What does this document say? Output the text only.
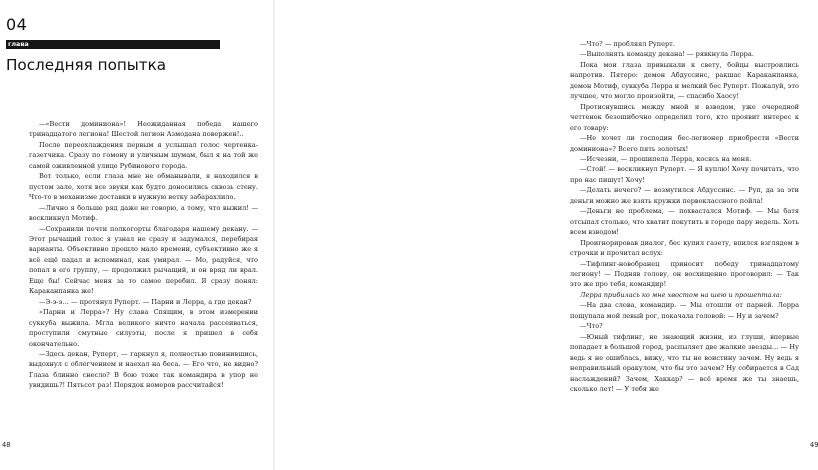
04
глава
Последняя попытка

—«Вести доминиона»! Неожиданная победа нашего тринадцатого легиона! Шестой легион Азмодана повержен!..

После переохлаждения первым я услышал голос чертенка-газетчика. Сразу по гомону и уличным шумам, был я на той же самой оживленной улице Рубинового города.

Вот только, если глаза мне не обманывали, я находился в пустом зале, хотя все звуки как будто доносились сквозь стену. Что-то в механизме доставки в нужную ветку забарахлило.

—Лично я больше ряд даже не говорю, а тому, что выжил! — воскликнул Мотиф.

—Сохранили почти полкогорты благодаря нашему декану. — Этот рычащий голос я узнал не сразу и задумался, перебирая варианты. Объективно прошло мало времени, субъективно же я всё ещё падал и вспоминал, как умирал. — Мо, радуйся, что попал в его группу, — продолжил рычащий, и он вряд ли врал. Еще бы! Сейчас меня за то самое перебил. Я сразу понял: Караканпанка же!

—Э-э-э… — протянул Руперт. — Парни и Лерра, а где декан?

«Парни и Лерра»? Ну слава Спящим, в этом измерении суккуба выжила. Мгла великого ничто начала рассеиваться, проступили смутные силуэты, после я пришел в себя окончательно.

—Здесь декан, Руперт, — гаркнул я, полностью повинившись, выдохнул с облегчением и наехал на беса. — Его что, не видно? Глаза блинно снесло? В бою тоже так командира в упор не увидишь?! Пятьсот раз! Порядок номеров рассчитайся!

48

—Что? — пробляял Руперт.

—Выполнять команду декана! — рявкнула Лерра.

Пока мои глаза привыкали к свету, бойцы выстроились напротив. Пятеро: демон Абдуссинс, ракшас Караканпанка, демон Мотиф, суккуба Лерра и мелкий бес Руперт. Пожалуй, это лучшее, что могло произойти, — спасибо Хаосу!

Протиснувшись между мной и взводом, уже очередной четтенок безошибочно определил того, кто проявит интерес к его товару:

—Не хочет ли господин бес-легионер приобрести «Вести доминиона»? Всего пять золотых!

—Исчезни, — прошипела Лерра, косясь на меня.

—Стой! — воскликнул Руперт. — Я куплю! Хочу почитать, что про нас пишут! Хочу!

—Делать нечего? — возмутился Абдуссинс. — Руп, да за эти деньги можно же взять кружки первоклассного пойла!

—Деньги не проблема, — похвастался Мотиф. — Мы батя отсыпал столько, что хватит покутить в городе пару недель. Хоть всем взводом!

Проигнорировав диалог, бес купил газету, впился взглядом в строчки и прочитал вслух:

—Тифлинг-новобранец приносит победу тринадцатому легиону! — Подняв голову, он восхищенно проговорил: — Так это же про тебя, командир!

Лерра прибилась ко мне хвостом на шею и прошептала:

—На два слова, командир. — Мы отошли от парней. Лерра пощупала мой левый рог, покачала головой: — Ну и зачем?

—Что?

—Юный тифлинг, не знающий жизни, из глуши, впервые попадает в большой город, распыляет две жалкие звезды… — Ну ведь я не ошиблась, вижу, что ты не воистину зачем. Ну ведь я неправильный оракулом, что бы это зачем? Ну собирается в Сад наслаждений? Зачем, Хаккар? — всё время же ты знаешь, сколько лет! — У тебя же

49
